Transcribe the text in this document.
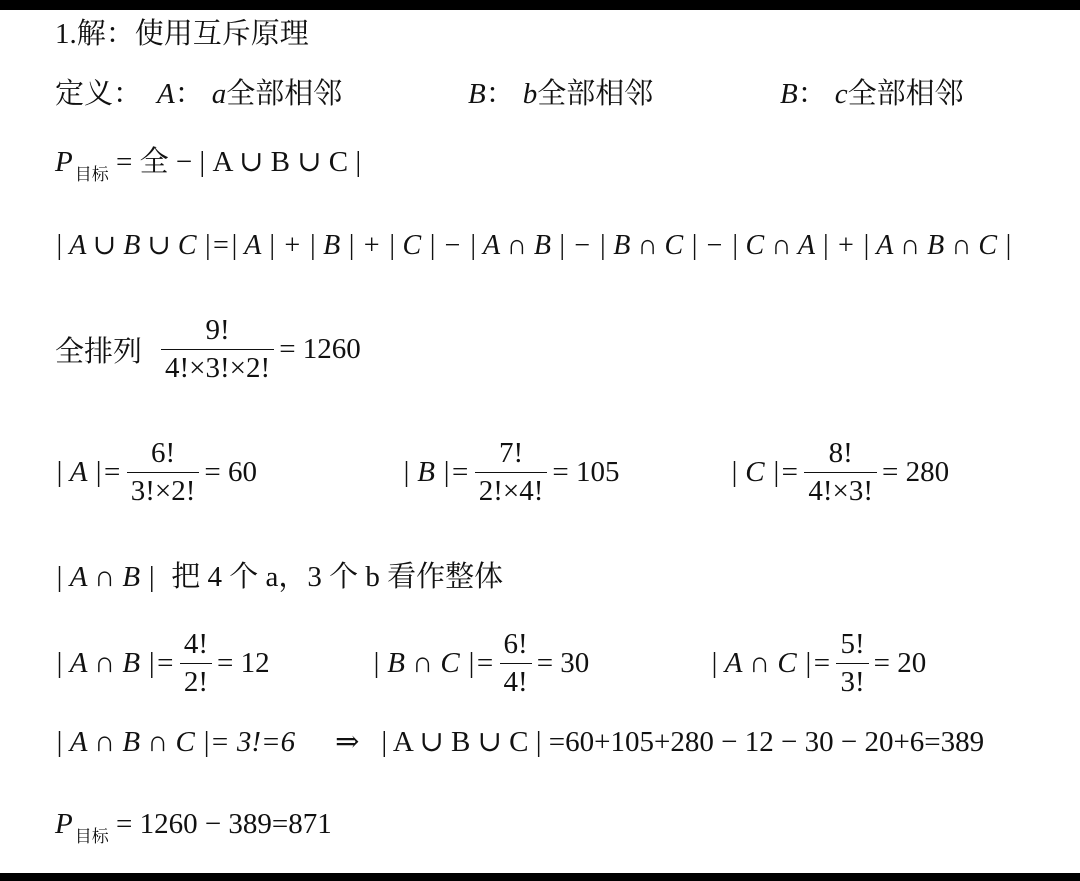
1.解：使用互斥原理
定义： A： a全部相邻	B： b全部相邻	B： c全部相邻
P $_{目标}$ = 全 − | A ∪ B ∪ C |
| A ∪ B ∪ C |=| A | + | B | + | C | − | A ∩ B | − | B ∩ C | − | C ∩ A | + | A ∩ B ∩ C |
全排列 $\frac{9!}{4!\times 3!\times 2!} = 1260$
| A |= $\frac{6!}{3!\times 2!} = 60$	| B |= $\frac{7!}{2!\times 4!} = 105$	| C |= $\frac{8!}{4!\times 3!} = 280$
| A ∩ B | 把 4 个 a，3 个 b 看作整体
| A ∩ B |= $\frac{4!}{2!} = 12$	| B ∩ C |= $\frac{6!}{4!} = 30$	| A ∩ C |= $\frac{5!}{3!} = 20$
| A ∩ B ∩ C |= 3!=6 ⇒ | A ∪ B ∪ C | =60+105+280 − 12 − 30 − 20+6=389
P $_{目标}$ = 1260 − 389=871
